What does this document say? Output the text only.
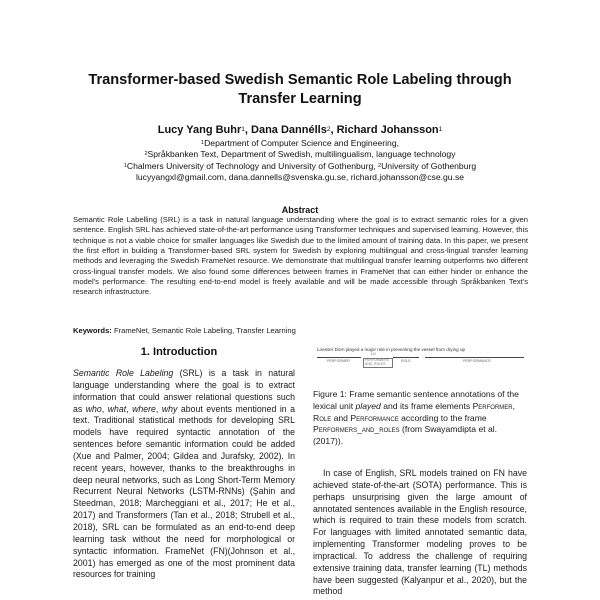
Transformer-based Swedish Semantic Role Labeling through
Transfer Learning
Lucy Yang Buhr$^1$, Dana Dannélls$^2$, Richard Johansson$^1$
$^1$Department of Computer Science and Engineering,
$^2$Språkbanken Text, Department of Swedish, multilingualism, language technology
$^1$Chalmers University of Technology and University of Gothenburg, $^2$University of Gothenburg
lucyyangxl@gmail.com, dana.dannells@svenska.gu.se, richard.johansson@cse.gu.se
Abstract
Semantic Role Labelling (SRL) is a task in natural language understanding where the goal is to extract semantic roles for a given sentence. English SRL has achieved state-of-the-art performance using Transformer techniques and supervised learning. However, this technique is not a viable choice for smaller languages like Swedish due to the limited amount of training data. In this paper, we present the first effort in building a Transformer-based SRL system for Swedish by exploring multilingual and cross-lingual transfer learning methods and leveraging the Swedish FrameNet resource. We demonstrate that multilingual transfer learning outperforms two different cross-lingual transfer models. We also found some differences between frames in FrameNet that can either hinder or enhance the model's performance. The resulting end-to-end model is freely available and will be made accessible through Språkbanken Text's research infrastructure.
Keywords: FrameNet, Semantic Role Labeling, Transfer Learning
1. Introduction
Semantic Role Labeling (SRL) is a task in natural language understanding where the goal is to extract information that could answer relational questions such as who, what, where, why about events mentioned in a text. Traditional statistical methods for developing SRL models have required syntactic annotation of the sentences before semantic information could be added (Xue and Palmer, 2004; Gildea and Jurafsky, 2002). In recent years, however, thanks to the breakthroughs in deep neural networks, such as Long Short-Term Memory Recurrent Neural Networks (LSTM-RNNs) (Şahin and Steedman, 2018; Marcheggiani et al., 2017; He et al., 2017) and Transformers (Tan et al., 2018; Strubell et al., 2018), SRL can be formulated as an end-to-end deep learning task without the need for morphological or syntactic information. FrameNet (FN)(Johnson et al., 2001) has emerged as one of the most prominent data resources for training
Loesser Dorn played a major role in preventing the vessel from drying up
LU
PERFORMER	PERFORMERS
AND_ROLES
ROLE	PERFORMANCE
Figure 1: Frame semantic sentence annotations of the lexical unit played and its frame elements Performer, Role and Performance according to the frame Performers_and_roles (from Swayamdipta et al. (2017)).
In case of English, SRL models trained on FN have achieved state-of-the-art (SOTA) performance. This is perhaps unsurprising given the large amount of annotated sentences available in the English resource, which is required to train these models from scratch. For languages with limited annotated semantic data, implementing Transformer modeling proves to be impractical. To address the challenge of requiring extensive training data, transfer learning (TL) methods have been suggested (Kalyanpur et al., 2020), but the method
